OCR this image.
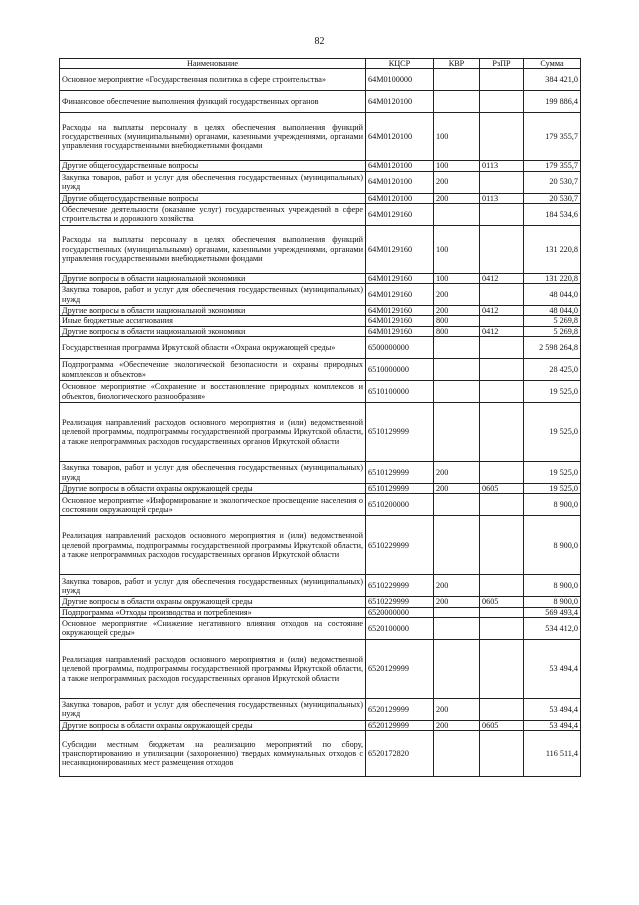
82
Наименование	КЦСР	КВР	РзПР	Сумма
Основное мероприятие «Государственная политика в сфере строительства»	64М0100000			384 421,0
Финансовое обеспечение выполнения функций государственных органов	64М0120100			199 886,4
Расходы на выплаты персоналу в целях обеспечения выполнения функций государственных (муниципальными) органами, казенными учреждениями, органами управления государственными внебюджетными фондами	64М0120100	100		179 355,7
Другие общегосударственные вопросы	64М0120100	100	0113	179 355,7
Закупка товаров, работ и услуг для обеспечения государственных (муниципальных) нужд	64М0120100	200		20 530,7
Другие общегосударственные вопросы	64М0120100	200	0113	20 530,7
Обеспечение деятельности (оказание услуг) государственных учреждений в сфере строительства и дорожного хозяйства	64М0129160			184 534,6
Расходы на выплаты персоналу в целях обеспечения выполнения функций государственных (муниципальными) органами, казенными учреждениями, органами управления государственными внебюджетными фондами	64М0129160	100		131 220,8
Другие вопросы в области национальной экономики	64М0129160	100	0412	131 220,8
Закупка товаров, работ и услуг для обеспечения государственных (муниципальных) нужд	64М0129160	200		48 044,0
Другие вопросы в области национальной экономики	64М0129160	200	0412	48 044,0
Иные бюджетные ассигнования	64М0129160	800		5 269,8
Другие вопросы в области национальной экономики	64М0129160	800	0412	5 269,8
Государственная программа Иркутской области «Охрана окружающей среды»	6500000000			2 598 264,8
Подпрограмма «Обеспечение экологической безопасности и охраны природных комплексов и объектов»	6510000000			28 425,0
Основное мероприятие «Сохранение и восстановление природных комплексов и объектов, биологического разнообразия»	6510100000			19 525,0
Реализация направлений расходов основного мероприятия и (или) ведомственной целевой программы, подпрограммы государственной программы Иркутской области, а также непрограммных расходов государственных органов Иркутской области	6510129999			19 525,0
Закупка товаров, работ и услуг для обеспечения государственных (муниципальных) нужд	6510129999	200		19 525,0
Другие вопросы в области охраны окружающей среды	6510129999	200	0605	19 525,0
Основное мероприятие «Информирование и экологическое просвещение населения о состоянии окружающей среды»	6510200000			8 900,0
Реализация направлений расходов основного мероприятия и (или) ведомственной целевой программы, подпрограммы государственной программы Иркутской области, а также непрограммных расходов государственных органов Иркутской области	6510229999			8 900,0
Закупка товаров, работ и услуг для обеспечения государственных (муниципальных) нужд	6510229999	200		8 900,0
Другие вопросы в области охраны окружающей среды	6510229999	200	0605	8 900,0
Подпрограмма «Отходы производства и потребления»	6520000000			569 493,4
Основное мероприятие «Снижение негативного влияния отходов на состояние окружающей среды»	6520100000			534 412,0
Реализация направлений расходов основного мероприятия и (или) ведомственной целевой программы, подпрограммы государственной программы Иркутской области, а также непрограммных расходов государственных органов Иркутской области	6520129999			53 494,4
Закупка товаров, работ и услуг для обеспечения государственных (муниципальных) нужд	6520129999	200		53 494,4
Другие вопросы в области охраны окружающей среды	6520129999	200	0605	53 494,4
Субсидии местным бюджетам на реализацию мероприятий по сбору, транспортированию и утилизации (захоронению) твердых коммунальных отходов с несанкционированных мест размещения отходов	6520172820			116 511,4
